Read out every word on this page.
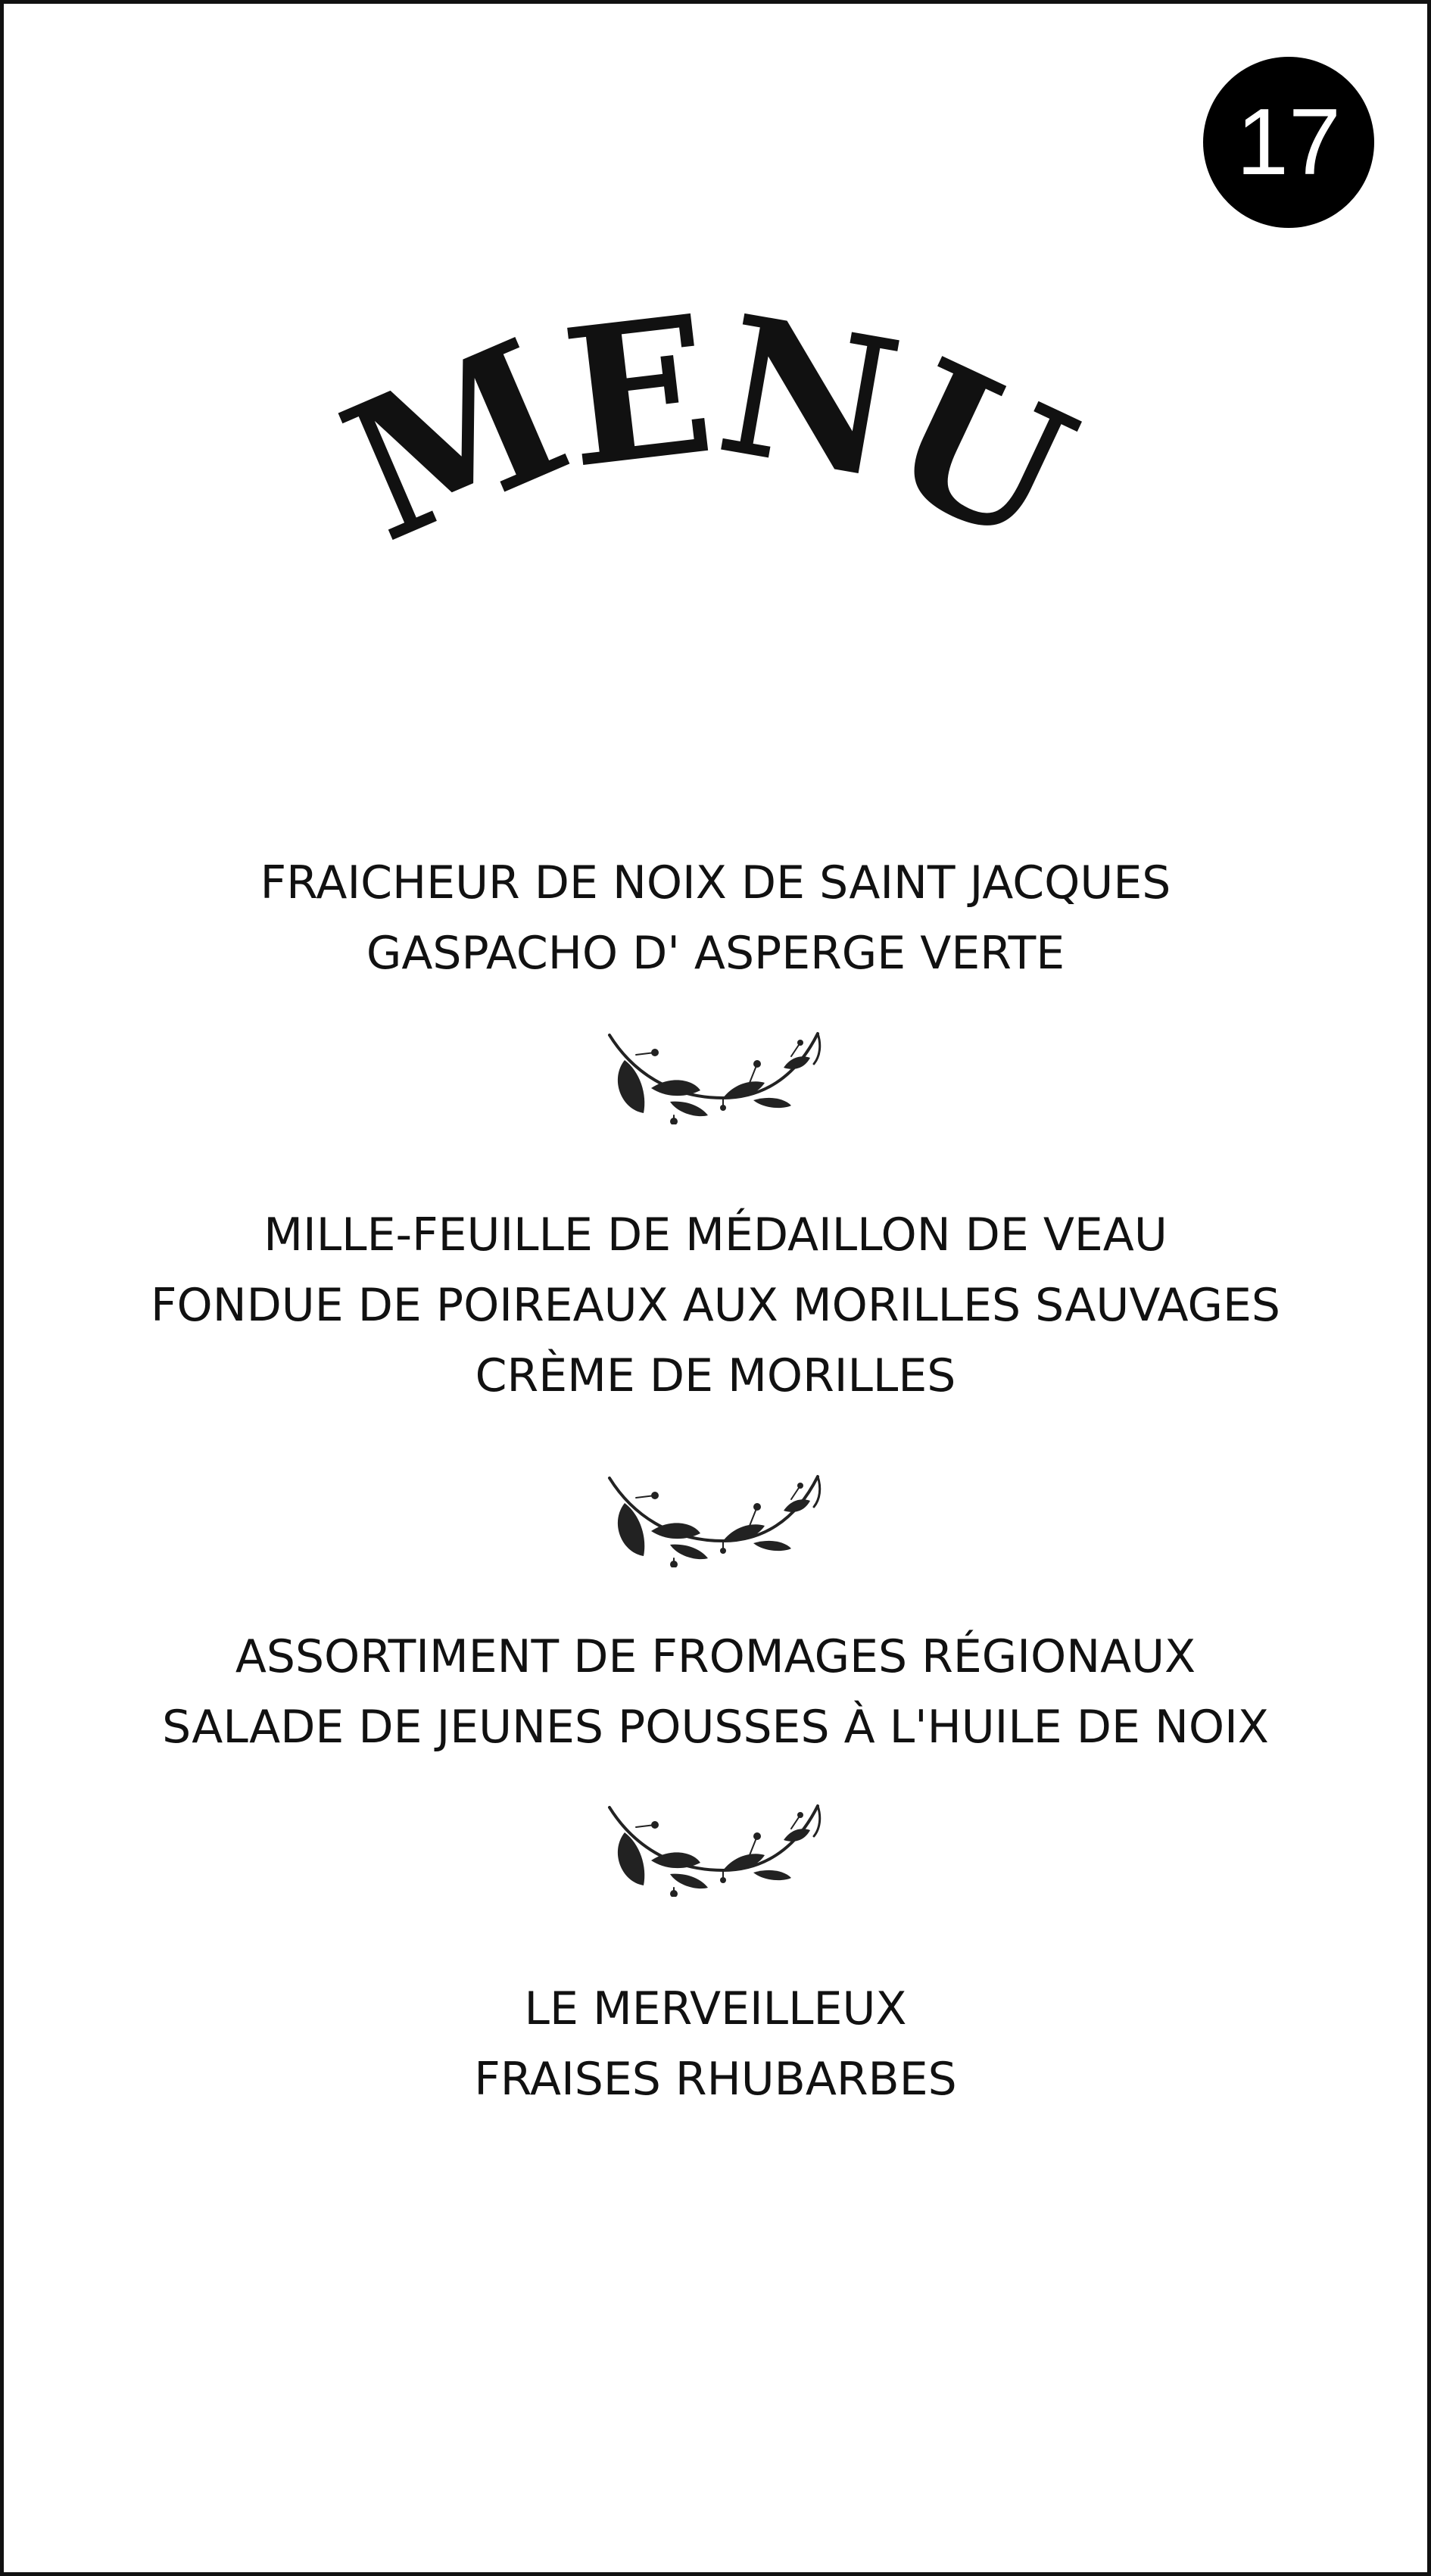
17
MENU
FRAICHEUR DE NOIX DE SAINT JACQUES
GASPACHO D' ASPERGE VERTE
MILLE-FEUILLE DE MÉDAILLON DE VEAU
FONDUE DE POIREAUX AUX MORILLES SAUVAGES
CRÈME DE MORILLES
ASSORTIMENT DE FROMAGES RÉGIONAUX
SALADE DE JEUNES POUSSES À L'HUILE DE NOIX
LE MERVEILLEUX
FRAISES RHUBARBES
